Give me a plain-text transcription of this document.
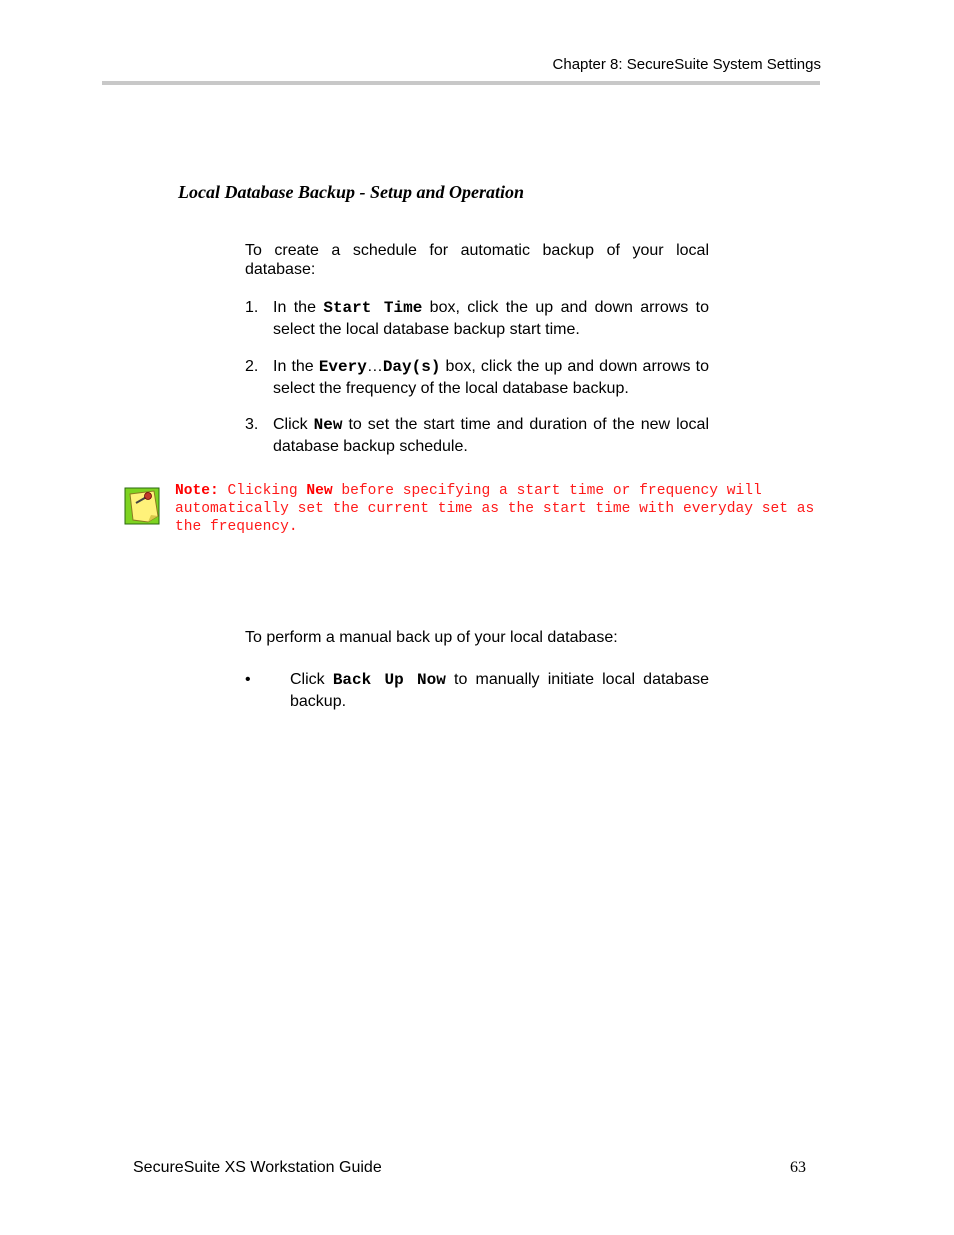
Chapter 8: SecureSuite System Settings
Local Database Backup - Setup and Operation
To create a schedule for automatic backup of your local database:
1. In the Start Time box, click the up and down arrows to select the local database backup start time.
2. In the Every…Day(s) box, click the up and down arrows to select the frequency of the local database backup.
3. Click New to set the start time and duration of the new local database backup schedule.
Note: Clicking New before specifying a start time or frequency will automatically set the current time as the start time with everyday set as the frequency.
To perform a manual back up of your local database:
• Click Back Up Now to manually initiate local database backup.
SecureSuite XS Workstation Guide	63
